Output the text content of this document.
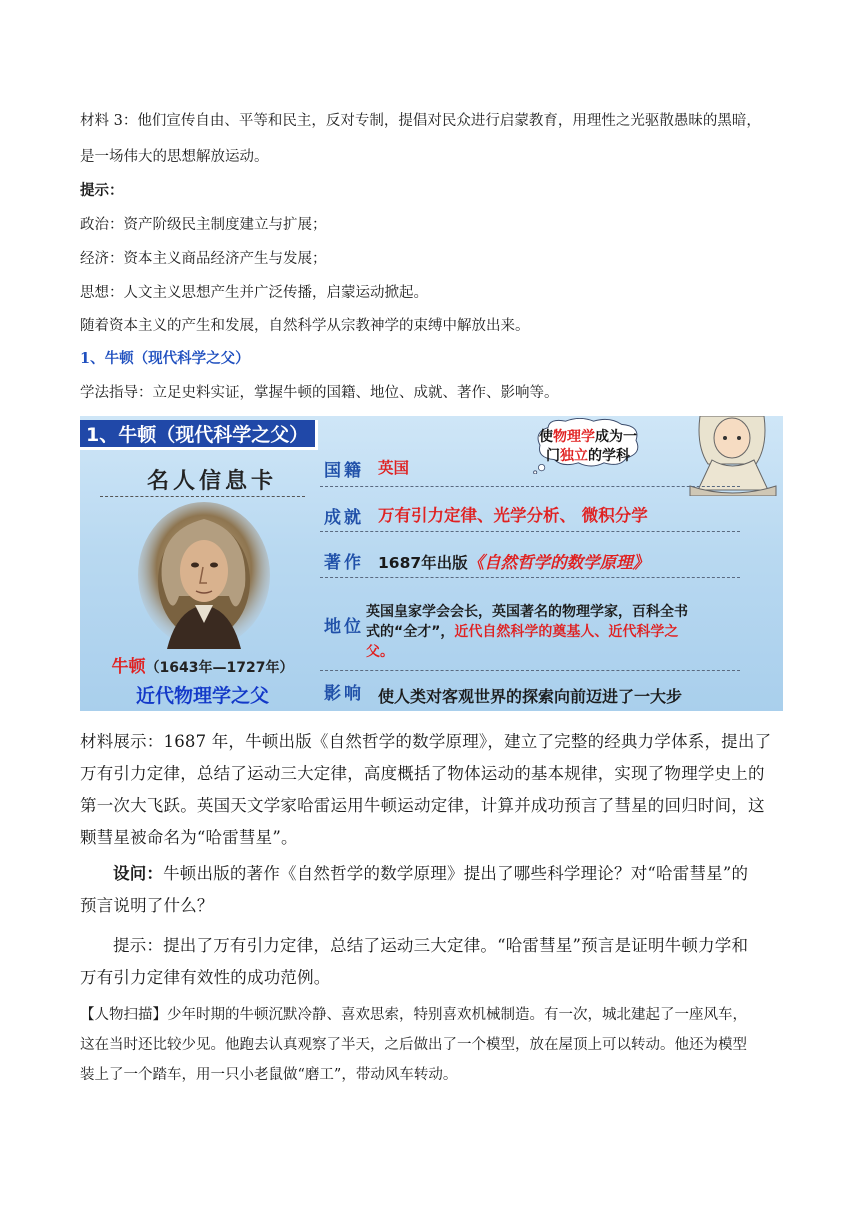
材料 3：他们宣传自由、平等和民主，反对专制，提倡对民众进行启蒙教育，用理性之光驱散愚昧的黑暗，
是一场伟大的思想解放运动。
提示：
政治：资产阶级民主制度建立与扩展；
经济：资本主义商品经济产生与发展；
思想：人文主义思想产生并广泛传播，启蒙运动掀起。
随着资本主义的产生和发展，自然科学从宗教神学的束缚中解放出来。
1、牛顿（现代科学之父）
学法指导：立足史料实证，掌握牛顿的国籍、地位、成就、著作、影响等。
1、牛顿（现代科学之父）
名人信息卡
牛顿（1643年—1727年）
近代物理学之父
使物理学成为一
门独立的学科
国籍 英国
成就 万有引力定律、光学分析、 微积分学
著作 1687年出版《自然哲学的数学原理》
地位
英国皇家学会会长，英国著名的物理学家，百科全书
式的“全才”，近代自然科学的奠基人、近代科学之
父。
影响 使人类对客观世界的探索向前迈进了一大步
材料展示：1687 年，牛顿出版《自然哲学的数学原理》，建立了完整的经典力学体系，提出了
万有引力定律，总结了运动三大定律，高度概括了物体运动的基本规律，实现了物理学史上的
第一次大飞跃。英国天文学家哈雷运用牛顿运动定律，计算并成功预言了彗星的回归时间，这
颗彗星被命名为“哈雷彗星”。
设问：牛顿出版的著作《自然哲学的数学原理》提出了哪些科学理论？对“哈雷彗星”的
预言说明了什么？
提示：提出了万有引力定律，总结了运动三大定律。“哈雷彗星”预言是证明牛顿力学和
万有引力定律有效性的成功范例。
【人物扫描】少年时期的牛顿沉默冷静、喜欢思索，特别喜欢机械制造。有一次，城北建起了一座风车，
这在当时还比较少见。他跑去认真观察了半天，之后做出了一个模型，放在屋顶上可以转动。他还为模型
装上了一个踏车，用一只小老鼠做“磨工”，带动风车转动。
